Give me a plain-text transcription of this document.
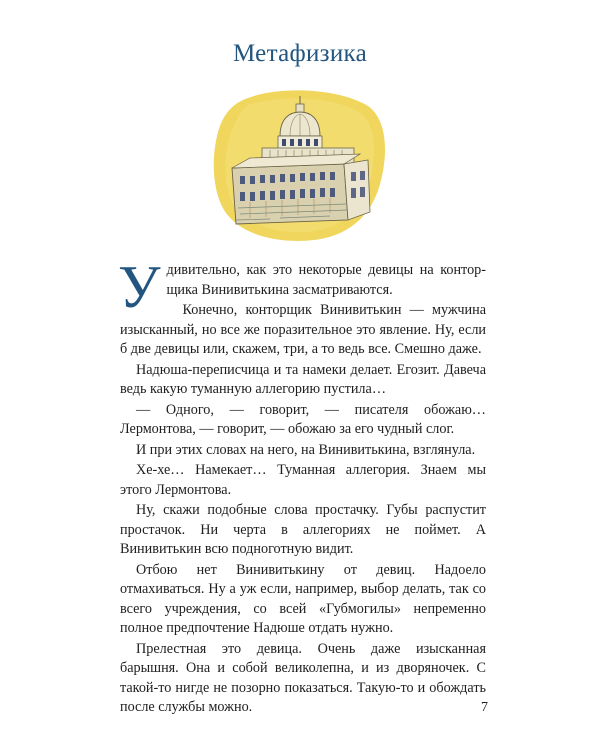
Метафизика

Удивительно, как это некоторые девицы на конторщика Винивитькина засматриваются.

Конечно, конторщик Винивитькин — мужчина изысканный, но все же поразительное это явление. Ну, если б две девицы или, скажем, три, а то ведь все. Смешно даже.

Надюша-переписчица и та намеки делает. Егозит. Давеча ведь какую туманную аллегорию пустила…

— Одного, — говорит, — писателя обожаю… Лермонтова, — говорит, — обожаю за его чудный слог.

И при этих словах на него, на Винивитькина, взглянула.

Хе-хе… Намекает… Туманная аллегория. Знаем мы этого Лермонтова.

Ну, скажи подобные слова простачку. Губы распустит простачок. Ни черта в аллегориях не поймет. А Винивитькин всю подноготную видит.

Отбою нет Винивитькину от девиц. Надоело отмахиваться. Ну а уж если, например, выбор делать, так со всего учреждения, со всей «Губмогилы» непременно полное предпочтение Надюше отдать нужно.

Прелестная это девица. Очень даже изысканная барышня. Она и собой великолепна, и из дворяночек. С такой-то нигде не позорно показаться. Такую-то и обождать после службы можно.	7
